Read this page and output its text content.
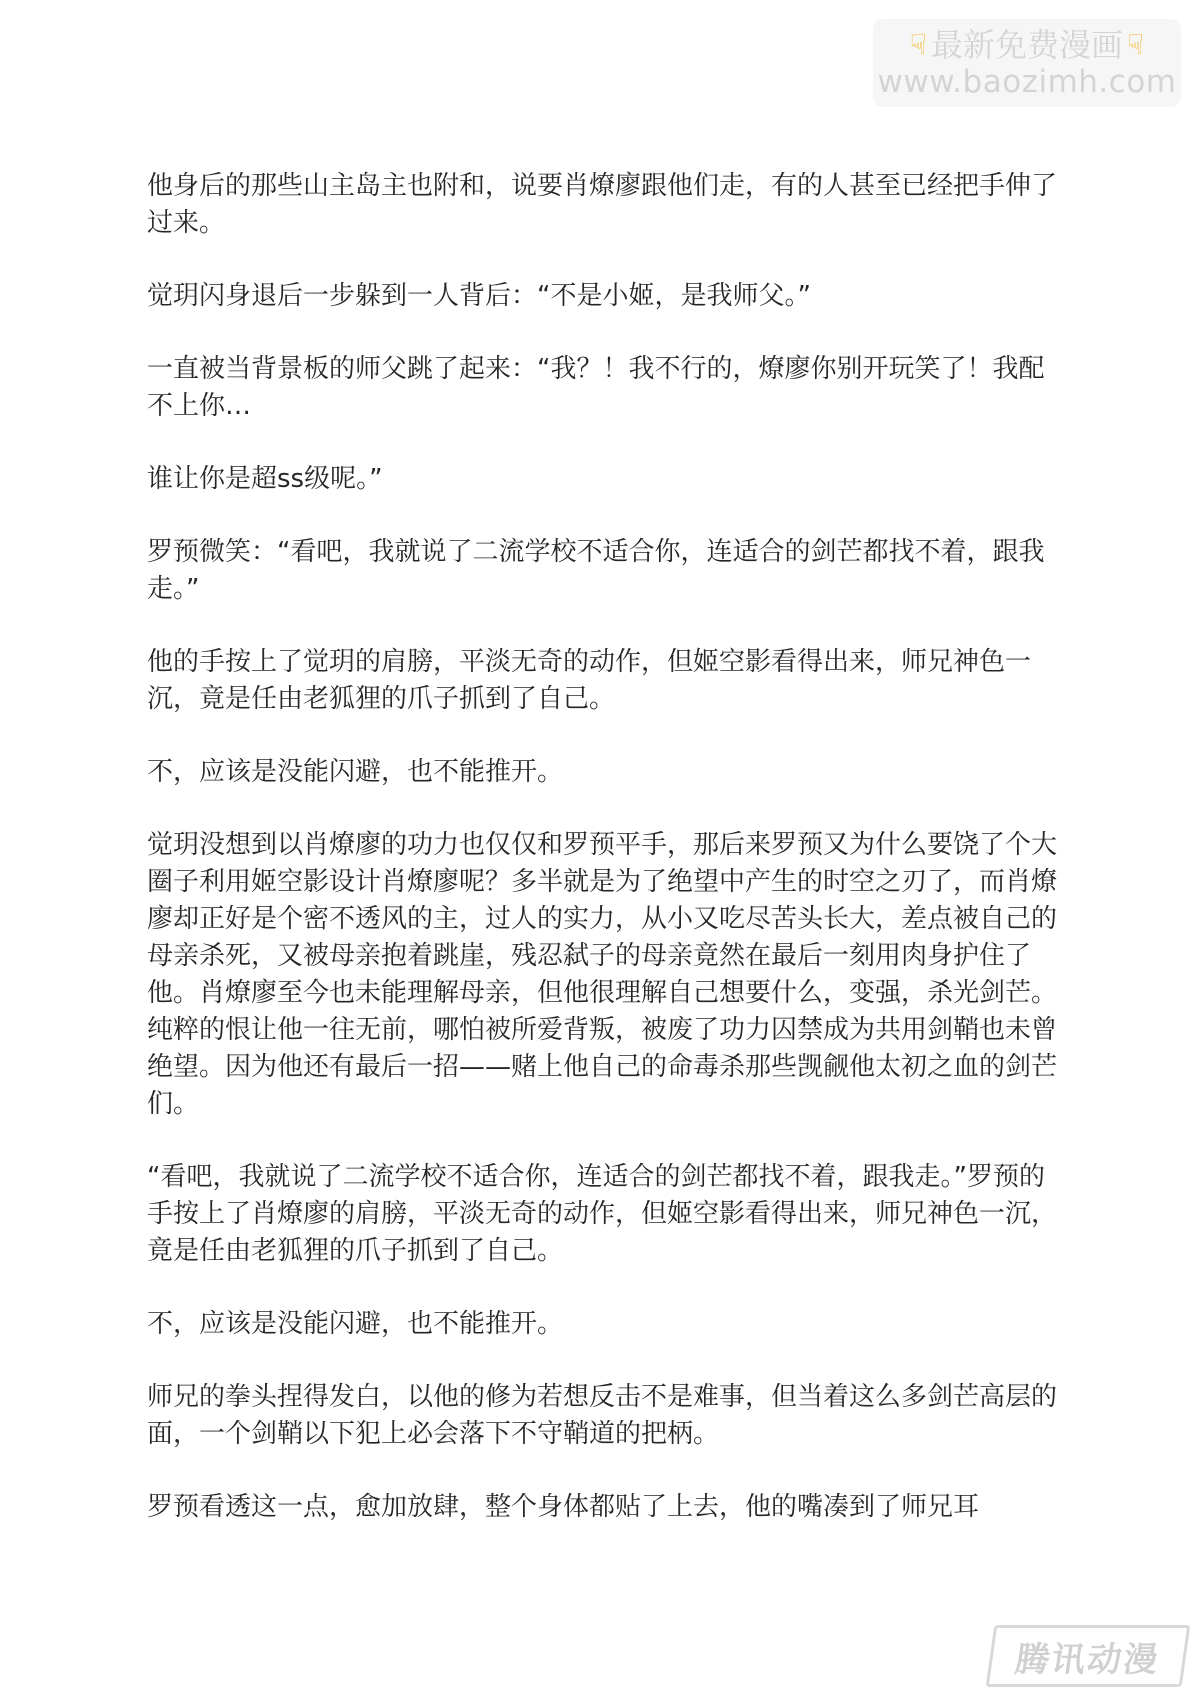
☟ 最新免费漫画 ☟
www.baozimh.com

他身后的那些山主岛主也附和，说要肖燎廖跟他们走，有的人甚至已经把手伸了过来。

觉玥闪身退后一步躲到一人背后：“不是小姬，是我师父。”

一直被当背景板的师父跳了起来：“我？！我不行的，燎廖你别开玩笑了！我配不上你…

谁让你是超ss级呢。”

罗预微笑：“看吧，我就说了二流学校不适合你，连适合的剑芒都找不着，跟我走。”

他的手按上了觉玥的肩膀，平淡无奇的动作，但姬空影看得出来，师兄神色一沉，竟是任由老狐狸的爪子抓到了自己。

不，应该是没能闪避，也不能推开。

觉玥没想到以肖燎廖的功力也仅仅和罗预平手，那后来罗预又为什么要饶了个大圈子利用姬空影设计肖燎廖呢？多半就是为了绝望中产生的时空之刃了，而肖燎廖却正好是个密不透风的主，过人的实力，从小又吃尽苦头长大，差点被自己的母亲杀死，又被母亲抱着跳崖，残忍弑子的母亲竟然在最后一刻用肉身护住了他。肖燎廖至今也未能理解母亲，但他很理解自己想要什么，变强，杀光剑芒。纯粹的恨让他一往无前，哪怕被所爱背叛，被废了功力囚禁成为共用剑鞘也未曾绝望。因为他还有最后一招——赌上他自己的命毒杀那些觊觎他太初之血的剑芒们。

“看吧，我就说了二流学校不适合你，连适合的剑芒都找不着，跟我走。”罗预的手按上了肖燎廖的肩膀，平淡无奇的动作，但姬空影看得出来，师兄神色一沉，竟是任由老狐狸的爪子抓到了自己。

不，应该是没能闪避，也不能推开。

师兄的拳头捏得发白，以他的修为若想反击不是难事，但当着这么多剑芒高层的面，一个剑鞘以下犯上必会落下不守鞘道的把柄。

罗预看透这一点，愈加放肆，整个身体都贴了上去，他的嘴凑到了师兄耳

腾讯动漫
